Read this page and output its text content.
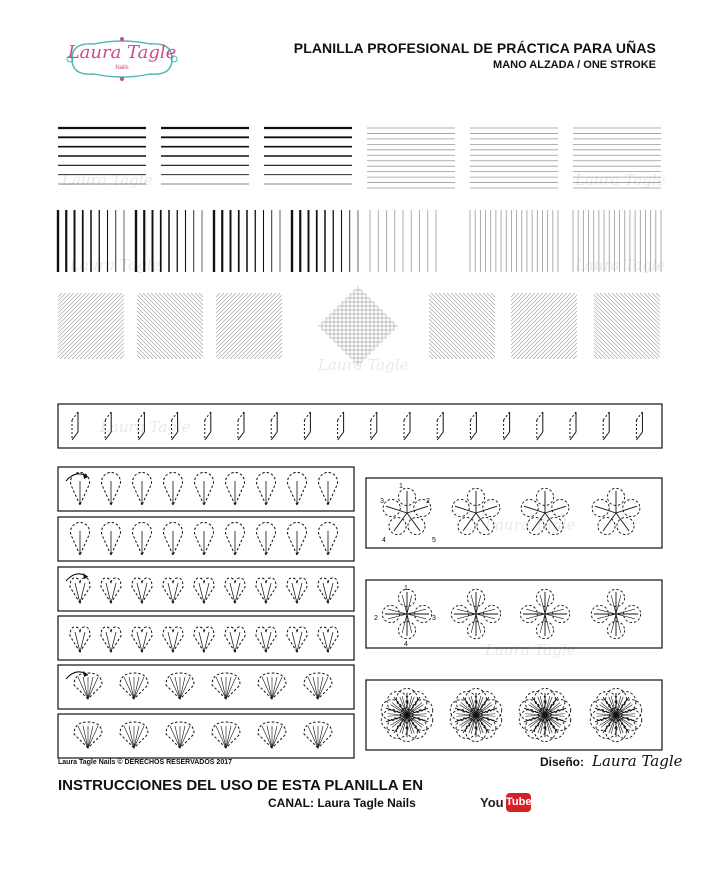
Laura Tagle	Laura Tagle
Laura Tagle	Laura Tagle
Laura Tagle
Laura Tagle
Laura Tagle
Laura Tagle
1
2
3
4	5
1
2	3
4
Laura Tagle
Nails
PLANILLA PROFESIONAL DE PRÁCTICA PARA UÑAS
MANO ALZADA / ONE STROKE
Laura Tagle Nails © DERECHOS RESERVADOS 2017	Diseño: Laura Tagle
INSTRUCCIONES DEL USO DE ESTA PLANILLA EN
CANAL: Laura Tagle Nails	You Tube
